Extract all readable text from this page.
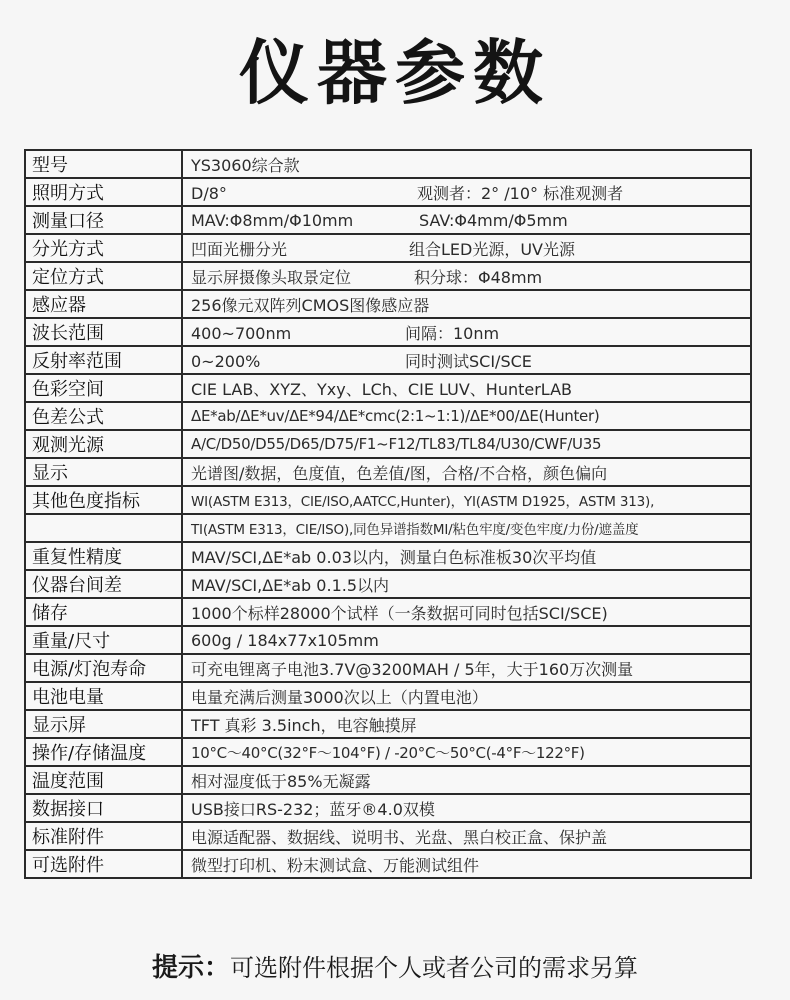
仪器参数
型号	YS3060综合款
照明方式	D/8° 观测者：2° /10° 标准观测者
测量口径	MAV:Φ8mm/Φ10mm SAV:Φ4mm/Φ5mm
分光方式	凹面光栅分光 组合LED光源，UV光源
定位方式	显示屏摄像头取景定位 积分球：Φ48mm
感应器	256像元双阵列CMOS图像感应器
波长范围	400~700nm 间隔：10nm
反射率范围	0~200% 同时测试SCI/SCE
色彩空间	CIE LAB、XYZ、Yxy、LCh、CIE LUV、HunterLAB
色差公式	ΔE*ab/ΔE*uv/ΔE*94/ΔE*cmc(2:1~1:1)/ΔE*00/ΔE(Hunter)
观测光源	A/C/D50/D55/D65/D75/F1~F12/TL83/TL84/U30/CWF/U35
显示	光谱图/数据，色度值，色差值/图，合格/不合格，颜色偏向
其他色度指标	WI(ASTM E313，CIE/ISO,AATCC,Hunter)，YI(ASTM D1925，ASTM 313),
	TI(ASTM E313，CIE/ISO),同色异谱指数MI/粘色牢度/变色牢度/力份/遮盖度
重复性精度	MAV/SCI,ΔE*ab 0.03以内，测量白色标准板30次平均值
仪器台间差	MAV/SCI,ΔE*ab 0.1.5以内
储存	1000个标样28000个试样（一条数据可同时包括SCI/SCE)
重量/尺寸	600g / 184x77x105mm
电源/灯泡寿命	可充电锂离子电池3.7V@3200MAH / 5年，大于160万次测量
电池电量	电量充满后测量3000次以上（内置电池）
显示屏	TFT 真彩 3.5inch，电容触摸屏
操作/存储温度	10°C～40°C(32°F～104°F) / -20°C～50°C(-4°F～122°F)
温度范围	相对湿度低于85%无凝露
数据接口	USB接口RS-232；蓝牙®4.0双模
标准附件	电源适配器、数据线、说明书、光盘、黑白校正盒、保护盖
可选附件	微型打印机、粉末测试盒、万能测试组件
提示：可选附件根据个人或者公司的需求另算
